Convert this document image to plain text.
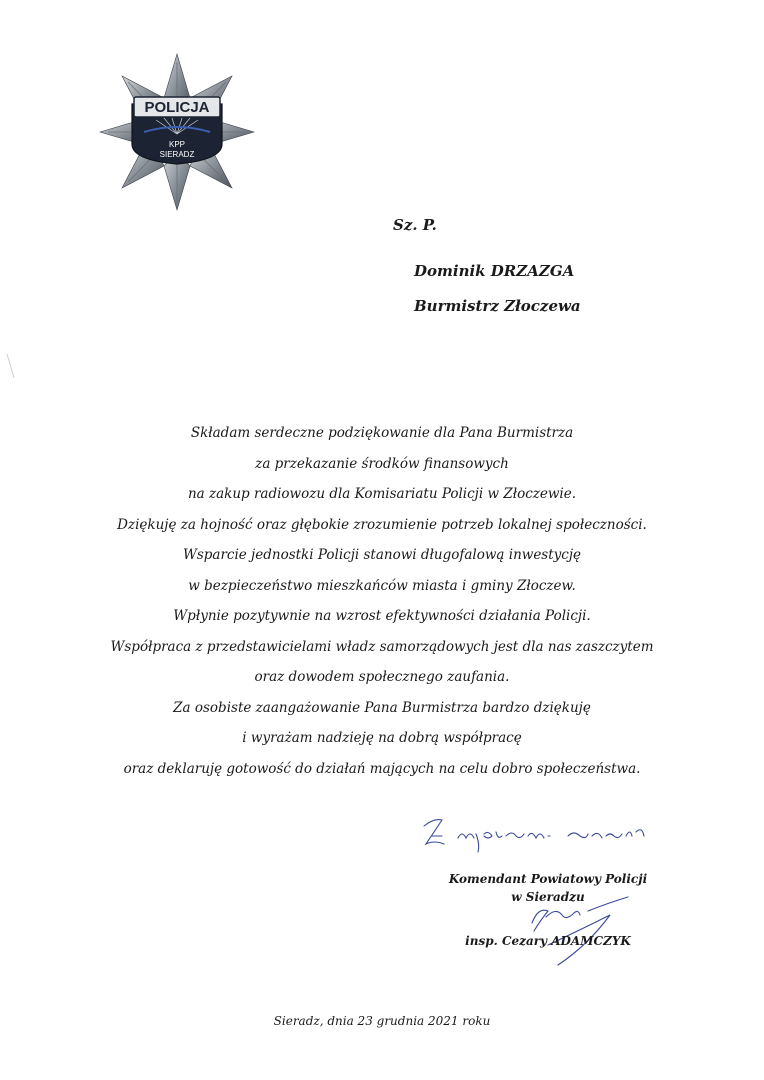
POLICJA
KPP
SIERADZ
Sz. P.
Dominik DRZAZGA
Burmistrz Złoczewa
Składam serdeczne podziękowanie dla Pana Burmistrza
za przekazanie środków finansowych
na zakup radiowozu dla Komisariatu Policji w Złoczewie.
Dziękuję za hojność oraz głębokie zrozumienie potrzeb lokalnej społeczności.
Wsparcie jednostki Policji stanowi długofalową inwestycję
w bezpieczeństwo mieszkańców miasta i gminy Złoczew.
Wpłynie pozytywnie na wzrost efektywności działania Policji.
Współpraca z przedstawicielami władz samorządowych jest dla nas zaszczytem
oraz dowodem społecznego zaufania.
Za osobiste zaangażowanie Pana Burmistrza bardzo dziękuję
i wyrażam nadzieję na dobrą współpracę
oraz deklaruję gotowość do działań mających na celu dobro społeczeństwa.
Komendant Powiatowy Policji
w Sieradzu
insp. Cezary ADAMCZYK
Sieradz, dnia 23 grudnia 2021 roku
